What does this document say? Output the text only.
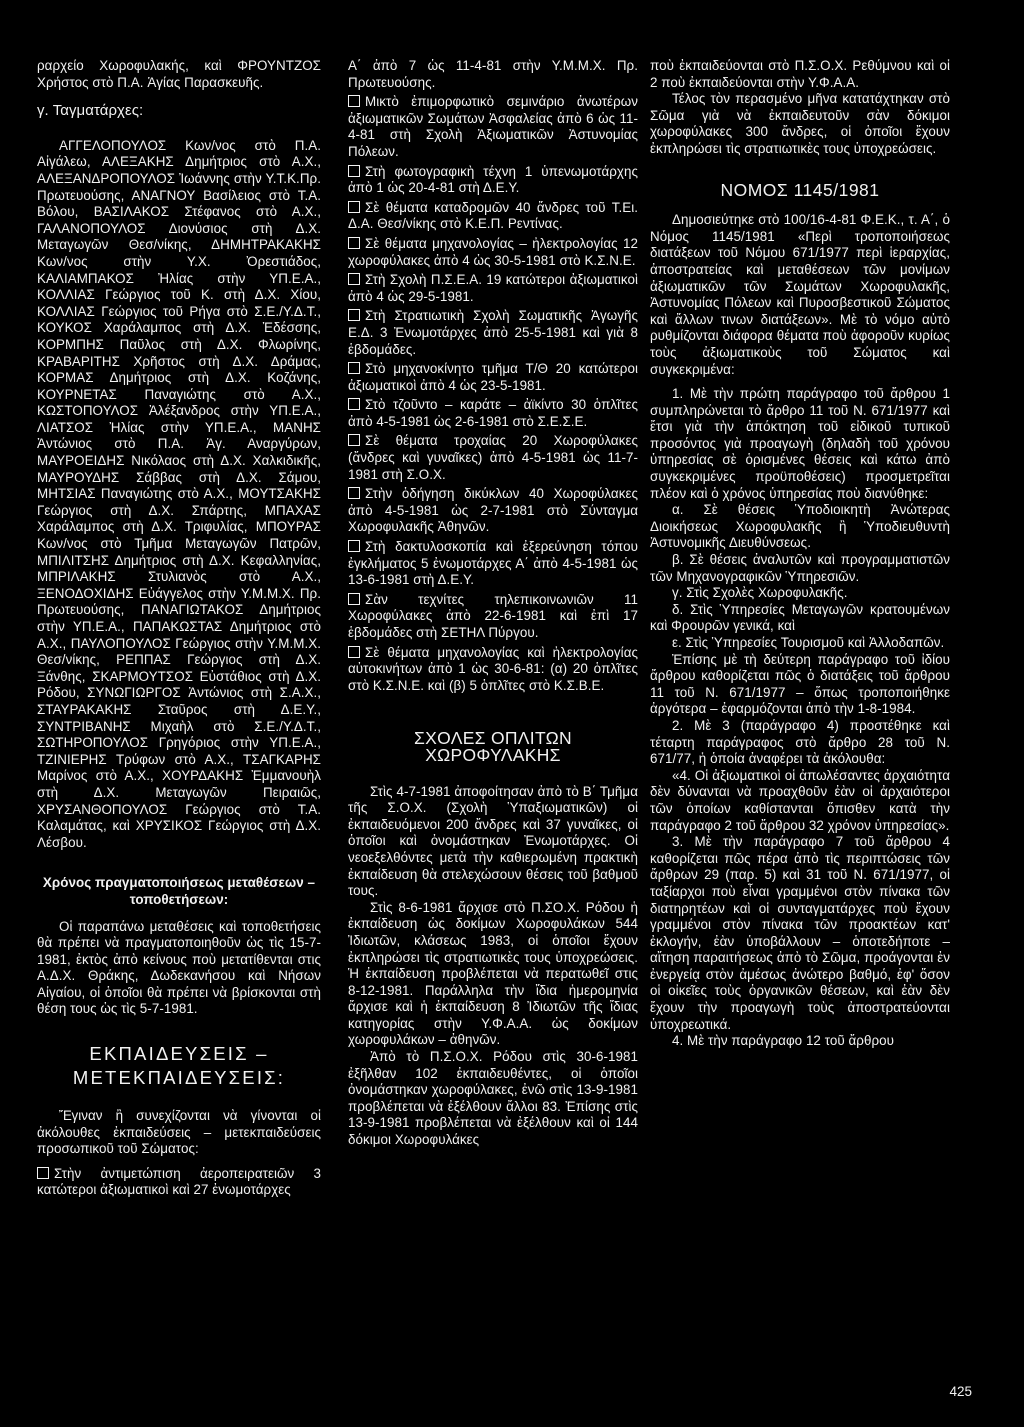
ραρχείο Χωροφυλακής, καὶ ΦΡΟΥΝΤΖΟΣ Χρήστος στὸ Π.Α. Ἁγίας Παρασκευῆς.

γ. Ταγματάρχες:

ΑΓΓΕΛΟΠΟΥΛΟΣ Κων/νος στὸ Π.Α. Αἰγάλεω, ΑΛΕΞΑΚΗΣ Δημήτριος στὸ Α.Χ., ΑΛΕΞΑΝΔΡΟΠΟΥΛΟΣ Ἰωάννης στὴν Υ.Τ.Κ.Πρ. Πρωτευούσης, ΑΝΑΓΝΟΥ Βασίλειος στὸ Τ.Α. Βόλου, ΒΑΣΙΛΑΚΟΣ Στέφανος στὸ Α.Χ., ΓΑΛΑΝΟΠΟΥΛΟΣ Διονύσιος στὴ Δ.Χ. Μεταγωγῶν Θεσ/νίκης, ΔΗΜΗΤΡΑΚΑΚΗΣ Κων/νος στὴν Υ.Χ. Ὀρεστιάδος, ΚΑΛΙΑΜΠΑΚΟΣ Ἠλίας στὴν ΥΠ.Ε.Α., ΚΟΛΛΙΑΣ Γεώργιος τοῦ Κ. στὴ Δ.Χ. Χίου, ΚΟΛΛΙΑΣ Γεώργιος τοῦ Ρήγα στὸ Σ.Ε./Υ.Δ.Τ., ΚΟΥΚΟΣ Χαράλαμπος στὴ Δ.Χ. Ἐδέσσης, ΚΟΡΜΠΗΣ Παῦλος στὴ Δ.Χ. Φλωρίνης, ΚΡΑΒΑΡΙΤΗΣ Χρῆστος στὴ Δ.Χ. Δράμας, ΚΟΡΜΑΣ Δημήτριος στὴ Δ.Χ. Κοζάνης, ΚΟΥΡΝΕΤΑΣ Παναγιώτης στὸ Α.Χ., ΚΩΣΤΟΠΟΥΛΟΣ Ἀλέξανδρος στὴν ΥΠ.Ε.Α., ΛΙΑΤΣΟΣ Ἠλίας στὴν ΥΠ.Ε.Α., ΜΑΝΗΣ Ἀντώνιος στὸ Π.Α. Ἁγ. Αναργύρων, ΜΑΥΡΟΕΙΔΗΣ Νικόλαος στὴ Δ.Χ. Χαλκιδικῆς, ΜΑΥΡΟΥΔΗΣ Σάββας στὴ Δ.Χ. Σάμου, ΜΗΤΣΙΑΣ Παναγιώτης στὸ Α.Χ., ΜΟΥΤΣΑΚΗΣ Γεώργιος στὴ Δ.Χ. Σπάρτης, ΜΠΑΧΑΣ Χαράλαμπος στὴ Δ.Χ. Τριφυλίας, ΜΠΟΥΡΑΣ Κων/νος στὸ Τμῆμα Μεταγωγῶν Πατρῶν, ΜΠΙΛΙΤΣΗΣ Δημήτριος στὴ Δ.Χ. Κεφαλληνίας, ΜΠΡΙΛΑΚΗΣ Στυλιανὸς στὸ Α.Χ., ΞΕΝΟΔΟΧΙΔΗΣ Εὐάγγελος στὴν Υ.Μ.Μ.Χ. Πρ. Πρωτευούσης, ΠΑΝΑΓΙΩΤΑΚΟΣ Δημήτριος στὴν ΥΠ.Ε.Α., ΠΑΠΑΚΩΣΤΑΣ Δημήτριος στὸ Α.Χ., ΠΑΥΛΟΠΟΥΛΟΣ Γεώργιος στὴν Υ.Μ.Μ.Χ. Θεσ/νίκης, ΡΕΠΠΑΣ Γεώργιος στὴ Δ.Χ. Ξάνθης, ΣΚΑΡΜΟΥΤΣΟΣ Εὐστάθιος στὴ Δ.Χ. Ρόδου, ΣΥΝΩΓΙΩΡΓΟΣ Ἀντώνιος στὴ Σ.Α.Χ., ΣΤΑΥΡΑΚΑΚΗΣ Σταῦρος στὴ Δ.Ε.Υ., ΣΥΝΤΡΙΒΑΝΗΣ Μιχαὴλ στὸ Σ.Ε./Υ.Δ.Τ., ΣΩΤΗΡΟΠΟΥΛΟΣ Γρηγόριος στὴν ΥΠ.Ε.Α., ΤΖΙΝΙΕΡΗΣ Τρύφων στὸ Α.Χ., ΤΣΑΓΚΑΡΗΣ Μαρίνος στὸ Α.Χ., ΧΟΥΡΔΑΚΗΣ Ἐμμανουὴλ στὴ Δ.Χ. Μεταγωγῶν Πειραιῶς, ΧΡΥΣΑΝΘΟΠΟΥΛΟΣ Γεώργιος στὸ Τ.Α. Καλαμάτας, καὶ ΧΡΥΣΙΚΟΣ Γεώργιος στὴ Δ.Χ. Λέσβου.

Χρόνος πραγματοποιήσεως μεταθέσεων – τοποθετήσεων:

Οἱ παραπάνω μεταθέσεις καὶ τοποθετήσεις θὰ πρέπει νὰ πραγματοποιηθοῦν ὡς τὶς 15-7-1981, ἐκτὸς ἀπὸ κείνους ποὺ μετατίθενται στις Α.Δ.Χ. Θράκης, Δωδεκανήσου καὶ Νήσων Αἰγαίου, οἱ ὁποῖοι θὰ πρέπει νὰ βρίσκονται στὴ θέση τους ὡς τὶς 5-7-1981.

ΕΚΠΑΙΔΕΥΣΕΙΣ –
ΜΕΤΕΚΠΑΙΔΕΥΣΕΙΣ:

Ἔγιναν ἢ συνεχίζονται νὰ γίνονται οἱ ἀκόλουθες ἐκπαιδεύσεις – μετεκπαιδεύσεις προσωπικοῦ τοῦ Σώματος:

Στὴν ἀντιμετώπιση ἀεροπειρατειῶν 3 κατώτεροι ἀξιωματικοὶ καὶ 27 ἐνωμοτάρχες

Α΄ ἀπὸ 7 ὡς 11-4-81 στὴν Υ.Μ.Μ.Χ. Πρ. Πρωτευούσης.

Μικτὸ ἐπιμορφωτικὸ σεμινάριο ἀνωτέρων ἀξιωματικῶν Σωμάτων Ἀσφαλείας ἀπὸ 6 ὡς 11-4-81 στὴ Σχολὴ Ἀξιωματικῶν Ἀστυνομίας Πόλεων.

Στὴ φωτογραφικὴ τέχνη 1 ὑπενωμοτάρχης ἀπὸ 1 ὡς 20-4-81 στὴ Δ.Ε.Υ.

Σὲ θέματα καταδρομῶν 40 ἄνδρες τοῦ Τ.Ει. Δ.Α. Θεσ/νίκης στὸ Κ.Ε.Π. Ρεντίνας.

Σὲ θέματα μηχανολογίας – ἠλεκτρολογίας 12 χωροφύλακες ἀπὸ 4 ὡς 30-5-1981 στὸ Κ.Σ.Ν.Ε.

Στὴ Σχολὴ Π.Σ.Ε.Α. 19 κατώτεροι ἀξιωματικοὶ ἀπὸ 4 ὡς 29-5-1981.

Στὴ Στρατιωτικὴ Σχολὴ Σωματικῆς Ἀγωγῆς Ε.Δ. 3 Ἐνωμοτάρχες ἀπὸ 25-5-1981 καὶ γιὰ 8 ἑβδομάδες.

Στὸ μηχανοκίνητο τμῆμα Τ/Θ 20 κατώτεροι ἀξιωματικοὶ ἀπὸ 4 ὡς 23-5-1981.

Στὸ τζοῦντο – καράτε – ἀϊκίντο 30 ὁπλῖτες ἀπὸ 4-5-1981 ὡς 2-6-1981 στὸ Σ.Ε.Σ.Ε.

Σὲ θέματα τροχαίας 20 Χωροφύλακες (ἄνδρες καὶ γυναῖκες) ἀπὸ 4-5-1981 ὡς 11-7-1981 στὴ Σ.Ο.Χ.

Στὴν ὁδήγηση δικύκλων 40 Χωροφύλακες ἀπὸ 4-5-1981 ὡς 2-7-1981 στὸ Σύνταγμα Χωροφυλακῆς Ἀθηνῶν.

Στὴ δακτυλοσκοπία καὶ ἐξερεύνηση τόπου ἐγκλήματος 5 ἐνωμοτάρχες Α΄ ἀπὸ 4-5-1981 ὡς 13-6-1981 στὴ Δ.Ε.Υ.

Σὰν τεχνίτες τηλεπικοινωνιῶν 11 Χωροφύλακες ἀπὸ 22-6-1981 καὶ ἐπὶ 17 ἑβδομάδες στὴ ΣΕΤΗΛ Πύργου.

Σὲ θέματα μηχανολογίας καὶ ἠλεκτρολογίας αὐτοκινήτων ἀπὸ 1 ὡς 30-6-81: (α) 20 ὁπλῖτες στὸ Κ.Σ.Ν.Ε. καὶ (β) 5 ὁπλῖτες στὸ Κ.Σ.Β.Ε.

ΣΧΟΛΕΣ ΟΠΛΙΤΩΝ ΧΩΡΟΦΥΛΑΚΗΣ

Στὶς 4-7-1981 ἀποφοίτησαν ἀπὸ τὸ Β΄ Τμῆμα τῆς Σ.Ο.Χ. (Σχολὴ Ὑπαξιωματικῶν) οἱ ἐκπαιδευόμενοι 200 ἄνδρες καὶ 37 γυναῖκες, οἱ ὁποῖοι καὶ ὀνομάστηκαν Ἐνωμοτάρχες. Οἱ νεοεξελθόντες μετὰ τὴν καθιερωμένη πρακτικὴ ἐκπαίδευση θὰ στελεχώσουν θέσεις τοῦ βαθμοῦ τους.

Στὶς 8-6-1981 ἄρχισε στὸ Π.ΣΟ.Χ. Ρόδου ἡ ἐκπαίδευση ὡς δοκίμων Χωροφυλάκων 544 Ἰδιωτῶν, κλάσεως 1983, οἱ ὁποῖοι ἔχουν ἐκπληρώσει τὶς στρατιωτικὲς τους ὑποχρεώσεις. Ἡ ἐκπαίδευση προβλέπεται νὰ περατωθεῖ στις 8-12-1981. Παράλληλα τὴν ἴδια ἡμερομηνία ἄρχισε καὶ ἡ ἐκπαίδευση 8 Ἰδιωτῶν τῆς ἴδιας κατηγορίας στὴν Υ.Φ.Α.Α. ὡς δοκίμων χωροφυλάκων – ἀθηνῶν.

Ἀπὸ τὸ Π.Σ.Ο.Χ. Ρόδου στὶς 30-6-1981 ἐξῆλθαν 102 ἐκπαιδευθέντες, οἱ ὁποῖοι ὀνομάστηκαν χωροφύλακες, ἐνῶ στὶς 13-9-1981 προβλέπεται νὰ ἐξέλθουν ἄλλοι 83. Ἐπίσης στὶς 13-9-1981 προβλέπεται νὰ ἐξέλθουν καὶ οἱ 144 δόκιμοι Χωροφυλάκες

ποὺ ἐκπαιδεύονται στὸ Π.Σ.Ο.Χ. Ρεθύμνου καὶ οἱ 2 ποὺ ἐκπαιδεύονται στὴν Υ.Φ.Α.Α.

Τέλος τὸν περασμένο μῆνα κατατάχτηκαν στὸ Σῶμα γιὰ νὰ ἐκπαιδευτοῦν σὰν δόκιμοι χωροφύλακες 300 ἄνδρες, οἱ ὁποῖοι ἔχουν ἐκπληρώσει τὶς στρατιωτικὲς τους ὑποχρεώσεις.

ΝΟΜΟΣ 1145/1981

Δημοσιεύτηκε στὸ 100/16-4-81 Φ.Ε.Κ., τ. Α΄, ὁ Νόμος 1145/1981 «Περὶ τροποποιήσεως διατάξεων τοῦ Νόμου 671/1977 περὶ ἱεραρχίας, ἀποστρατείας καὶ μεταθέσεων τῶν μονίμων ἀξιωματικῶν τῶν Σωμάτων Χωροφυλακῆς, Ἀστυνομίας Πόλεων καὶ Πυροσβεστικοῦ Σώματος καὶ ἄλλων τινων διατάξεων». Μὲ τὸ νόμο αὐτὸ ρυθμίζονται διάφορα θέματα ποὺ ἀφοροῦν κυρίως τοὺς ἀξιωματικοὺς τοῦ Σώματος καὶ συγκεκριμένα:

1. Μὲ τὴν πρώτη παράγραφο τοῦ ἄρθρου 1 συμπληρώνεται τὸ ἄρθρο 11 τοῦ Ν. 671/1977 καὶ ἔτσι γιὰ τὴν ἀπόκτηση τοῦ εἰδικοῦ τυπικοῦ προσόντος γιὰ προαγωγὴ (δηλαδὴ τοῦ χρόνου ὑπηρεσίας σὲ ὁρισμένες θέσεις καὶ κάτω ἀπὸ συγκεκριμένες προϋποθέσεις) προσμετρεῖται πλέον καὶ ὁ χρόνος ὑπηρεσίας ποὺ διανύθηκε:

α. Σὲ θέσεις Ὑποδιοικητὴ Ἀνώτερας Διοικήσεως Χωροφυλακῆς ἢ Ὑποδιευθυντὴ Ἀστυνομικῆς Διευθύνσεως.

β. Σὲ θέσεις ἀναλυτῶν καὶ προγραμματιστῶν τῶν Μηχανογραφικῶν Ὑπηρεσιῶν.

γ. Στὶς Σχολὲς Χωροφυλακῆς.

δ. Στὶς Ὑπηρεσίες Μεταγωγῶν κρατουμένων καὶ Φρουρῶν γενικά, καὶ

ε. Στὶς Ὑπηρεσίες Τουρισμοῦ καὶ Ἀλλοδαπῶν.

Ἐπίσης μὲ τὴ δεύτερη παράγραφο τοῦ ἰδίου ἄρθρου καθορίζεται πῶς ὁ διατάξεις τοῦ ἄρθρου 11 τοῦ Ν. 671/1977 – ὅπως τροποποιήθηκε ἀργότερα – ἐφαρμόζονται ἀπὸ τὴν 1-8-1984.

2. Μὲ 3 (παράγραφο 4) προστέθηκε καὶ τέταρτη παράγραφος στὸ ἄρθρο 28 τοῦ Ν. 671/77, ἡ ὁποία ἀναφέρει τὰ ἀκόλουθα:

«4. Οἱ ἀξιωματικοὶ οἱ ἀπωλέσαντες ἀρχαιότητα δὲν δύνανται νὰ προαχθοῦν ἐὰν οἱ ἀρχαιότεροι τῶν ὁποίων καθίστανται ὅπισθεν κατὰ τὴν παράγραφο 2 τοῦ ἄρθρου 32 χρόνον ὑπηρεσίας».

3. Μὲ τὴν παράγραφο 7 τοῦ ἄρθρου 4 καθορίζεται πῶς πέρα ἀπὸ τὶς περιπτώσεις τῶν ἄρθρων 29 (παρ. 5) καὶ 31 τοῦ Ν. 671/1977, οἱ ταξίαρχοι ποὺ εἶναι γραμμένοι στὸν πίνακα τῶν διατηρητέων καὶ οἱ συνταγματάρχες ποὺ ἔχουν γραμμένοι στὸν πίνακα τῶν προακτέων κατ' ἐκλογήν, ἐὰν ὑποβάλλουν – ὁποτεδήποτε – αἴτηση παραιτήσεως ἀπὸ τὸ Σῶμα, προάγονται ἐν ἐνεργείᾳ στὸν ἀμέσως ἀνώτερο βαθμό, ἐφ' ὅσον οἱ οἰκεῖες τοὺς ὀργανικῶν θέσεων, καὶ ἐὰν δὲν ἔχουν τὴν προαγωγὴ τοὺς ἀποστρατεύονται ὑποχρεωτικά.

4. Μὲ τὴν παράγραφο 12 τοῦ ἄρθρου

425
